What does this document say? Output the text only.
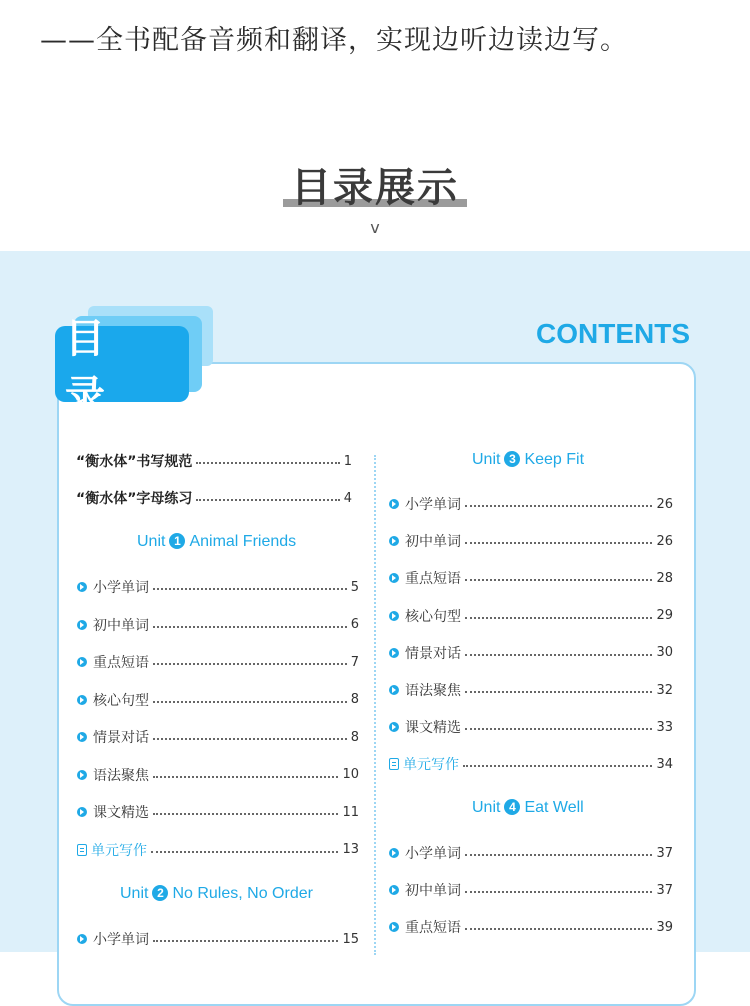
——全书配备音频和翻译，实现边听边读边写。
目录展示
v
目 录
CONTENTS
“衡水体”书写规范	1
“衡水体”字母练习	4
Unit 1 Animal Friends
小学单词	5
初中单词	6
重点短语	7
核心句型	8
情景对话	8
语法聚焦	10
课文精选	11
单元写作	13
Unit 2 No Rules, No Order
小学单词	15
Unit 3 Keep Fit
小学单词	26
初中单词	26
重点短语	28
核心句型	29
情景对话	30
语法聚焦	32
课文精选	33
单元写作	34
Unit 4 Eat Well
小学单词	37
初中单词	37
重点短语	39
